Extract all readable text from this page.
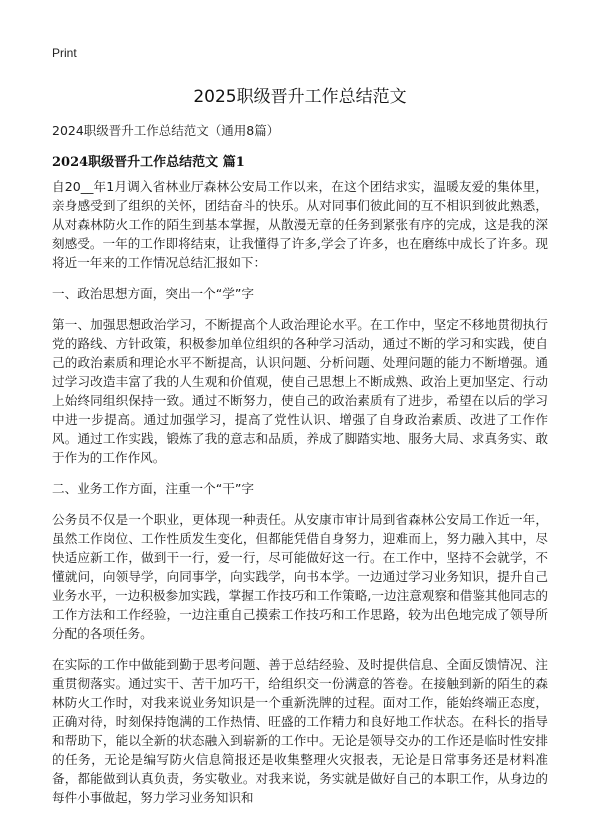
Print
2025职级晋升工作总结范文
2024职级晋升工作总结范文（通用8篇）
2024职级晋升工作总结范文 篇1

自20__年1月调入省林业厅森林公安局工作以来，在这个团结求实，温暖友爱的集体里，亲身感受到了组织的关怀，团结奋斗的快乐。从对同事们彼此间的互不相识到彼此熟悉，从对森林防火工作的陌生到基本掌握，从散漫无章的任务到紧张有序的完成，这是我的深刻感受。一年的工作即将结束，让我懂得了许多,学会了许多，也在磨练中成长了许多。现将近一年来的工作情况总结汇报如下：

一、政治思想方面，突出一个“学”字

第一、加强思想政治学习，不断提高个人政治理论水平。在工作中，坚定不移地贯彻执行党的路线、方针政策，积极参加单位组织的各种学习活动，通过不断的学习和实践，使自己的政治素质和理论水平不断提高，认识问题、分析问题、处理问题的能力不断增强。通过学习改造丰富了我的人生观和价值观，使自己思想上不断成熟、政治上更加坚定、行动上始终同组织保持一致。通过不断努力，使自己的政治素质有了进步，希望在以后的学习中进一步提高。通过加强学习，提高了党性认识、增强了自身政治素质、改进了工作作风。通过工作实践，锻炼了我的意志和品质，养成了脚踏实地、服务大局、求真务实、敢于作为的工作作风。

二、业务工作方面，注重一个“干”字

公务员不仅是一个职业，更体现一种责任。从安康市审计局到省森林公安局工作近一年，虽然工作岗位、工作性质发生变化，但都能凭借自身努力，迎难而上，努力融入其中，尽快适应新工作，做到干一行，爱一行，尽可能做好这一行。在工作中，坚持不会就学，不懂就问，向领导学，向同事学，向实践学，向书本学。一边通过学习业务知识，提升自己业务水平，一边积极参加实践，掌握工作技巧和工作策略,一边注意观察和借鉴其他同志的工作方法和工作经验，一边注重自己摸索工作技巧和工作思路，较为出色地完成了领导所分配的各项任务。

在实际的工作中做能到勤于思考问题、善于总结经验、及时提供信息、全面反馈情况、注重贯彻落实。通过实干、苦干加巧干，给组织交一份满意的答卷。在接触到新的陌生的森林防火工作时，对我来说业务知识是一个重新洗牌的过程。面对工作，能始终端正态度，正确对待，时刻保持饱满的工作热情、旺盛的工作精力和良好地工作状态。在科长的指导和帮助下，能以全新的状态融入到崭新的工作中。无论是领导交办的工作还是临时性安排的任务，无论是编写防火信息简报还是收集整理火灾报表，无论是日常事务还是材料准备，都能做到认真负责，务实敬业。对我来说，务实就是做好自己的本职工作，从身边的每件小事做起，努力学习业务知识和
